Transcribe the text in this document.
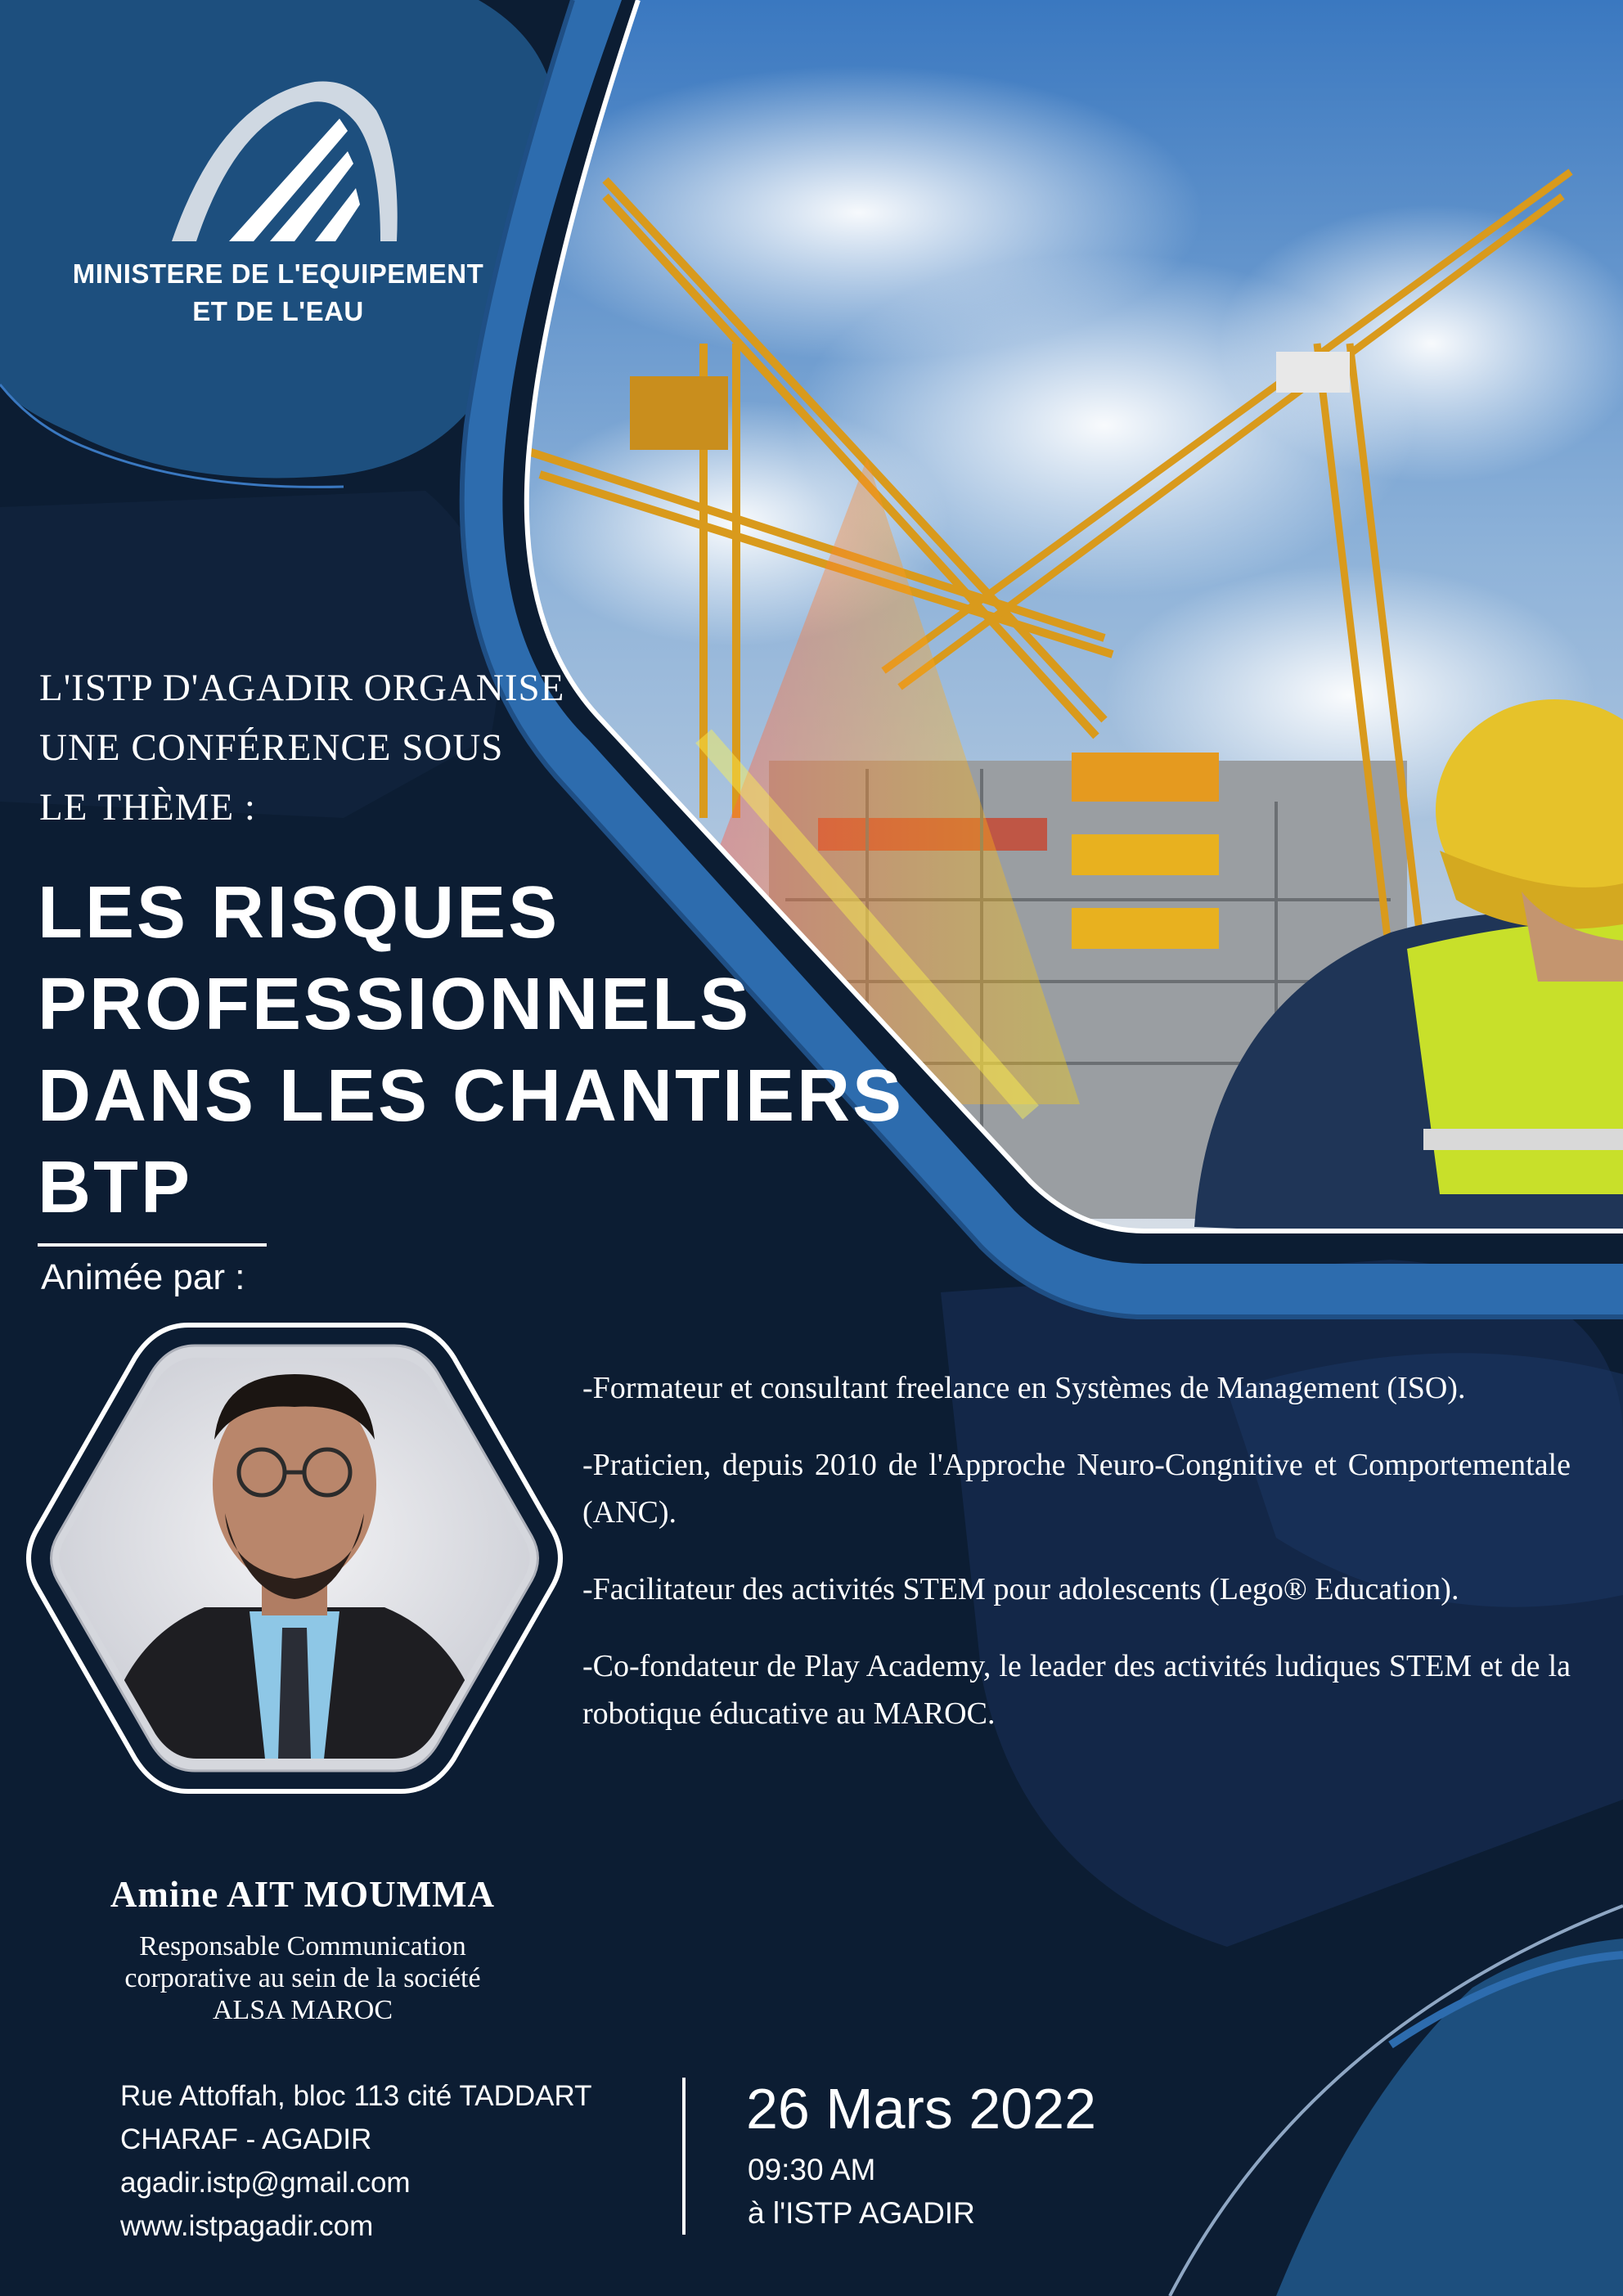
MINISTERE DE L'EQUIPEMENT
ET DE L'EAU
L'ISTP D'AGADIR ORGANISE
UNE CONFÉRENCE SOUS
LE THÈME :
LES RISQUES
PROFESSIONNELS
DANS LES CHANTIERS
BTP
Animée par :
Amine AIT MOUMMA
Responsable Communication
corporative au sein de la société
ALSA MAROC

-Formateur et consultant freelance en Systèmes de Management (ISO).

-Praticien, depuis 2010 de l'Approche Neuro-Congnitive et Comportementale (ANC).

-Facilitateur des activités STEM pour adolescents (Lego® Education).

-Co-fondateur de Play Academy, le leader des activités ludiques STEM et de la robotique éducative au MAROC.

Rue Attoffah, bloc 113 cité TADDART
CHARAF - AGADIR
agadir.istp@gmail.com
www.istpagadir.com
26 Mars 2022
09:30 AM
à l'ISTP AGADIR
